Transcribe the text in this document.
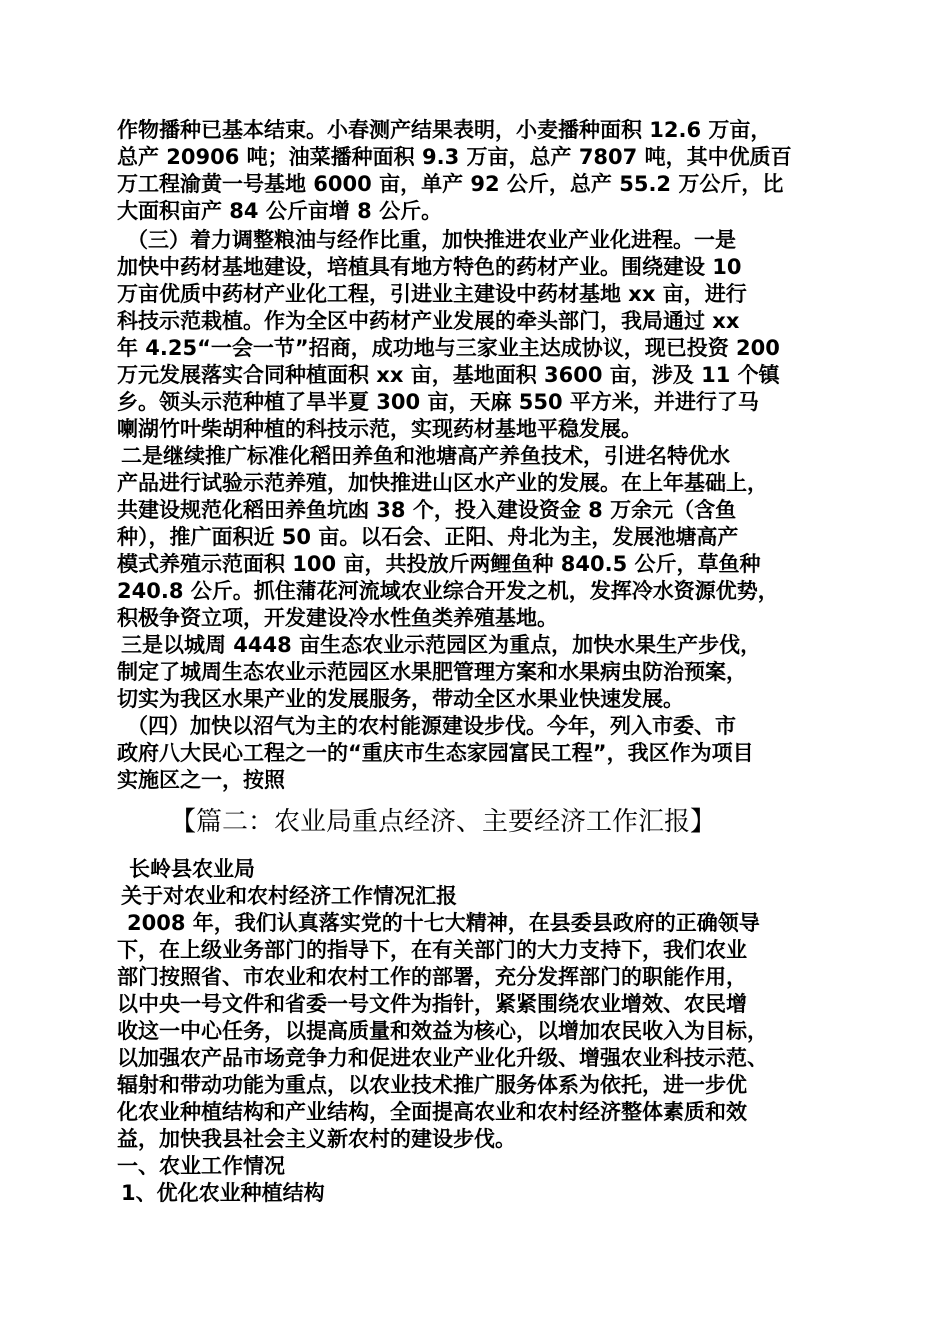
作物播种已基本结束。小春测产结果表明，小麦播种面积 12.6 万亩，
总产 20906 吨；油菜播种面积 9.3 万亩，总产 7807 吨，其中优质百
万工程渝黄一号基地 6000 亩，单产 92 公斤，总产 55.2 万公斤，比
大面积亩产 84 公斤亩增 8 公斤。
（三）着力调整粮油与经作比重，加快推进农业产业化进程。一是
加快中药材基地建设，培植具有地方特色的药材产业。围绕建设 10
万亩优质中药材产业化工程，引进业主建设中药材基地 xx 亩，进行
科技示范栽植。作为全区中药材产业发展的牵头部门，我局通过 xx
年 4.25“一会一节”招商，成功地与三家业主达成协议，现已投资 200
万元发展落实合同种植面积 xx 亩，基地面积 3600 亩，涉及 11 个镇
乡。领头示范种植了旱半夏 300 亩，天麻 550 平方米，并进行了马
喇湖竹叶柴胡种植的科技示范，实现药材基地平稳发展。
二是继续推广标准化稻田养鱼和池塘高产养鱼技术，引进名特优水
产品进行试验示范养殖，加快推进山区水产业的发展。在上年基础上，
共建设规范化稻田养鱼坑凼 38 个，投入建设资金 8 万余元（含鱼
种），推广面积近 50 亩。以石会、正阳、舟北为主，发展池塘高产
模式养殖示范面积 100 亩，共投放斤两鲤鱼种 840.5 公斤，草鱼种
240.8 公斤。抓住蒲花河流域农业综合开发之机，发挥冷水资源优势，
积极争资立项，开发建设冷水性鱼类养殖基地。
三是以城周 4448 亩生态农业示范园区为重点，加快水果生产步伐，
制定了城周生态农业示范园区水果肥管理方案和水果病虫防治预案，
切实为我区水果产业的发展服务，带动全区水果业快速发展。
（四）加快以沼气为主的农村能源建设步伐。今年，列入市委、市
政府八大民心工程之一的“重庆市生态家园富民工程”，我区作为项目
实施区之一，按照
【篇二：农业局重点经济、主要经济工作汇报】
长岭县农业局
关于对农业和农村经济工作情况汇报
2008 年，我们认真落实党的十七大精神，在县委县政府的正确领导
下，在上级业务部门的指导下，在有关部门的大力支持下，我们农业
部门按照省、市农业和农村工作的部署，充分发挥部门的职能作用，
以中央一号文件和省委一号文件为指针，紧紧围绕农业增效、农民增
收这一中心任务，以提高质量和效益为核心，以增加农民收入为目标，
以加强农产品市场竞争力和促进农业产业化升级、增强农业科技示范、
辐射和带动功能为重点，以农业技术推广服务体系为依托，进一步优
化农业种植结构和产业结构，全面提高农业和农村经济整体素质和效
益，加快我县社会主义新农村的建设步伐。
一、农业工作情况
1、优化农业种植结构
